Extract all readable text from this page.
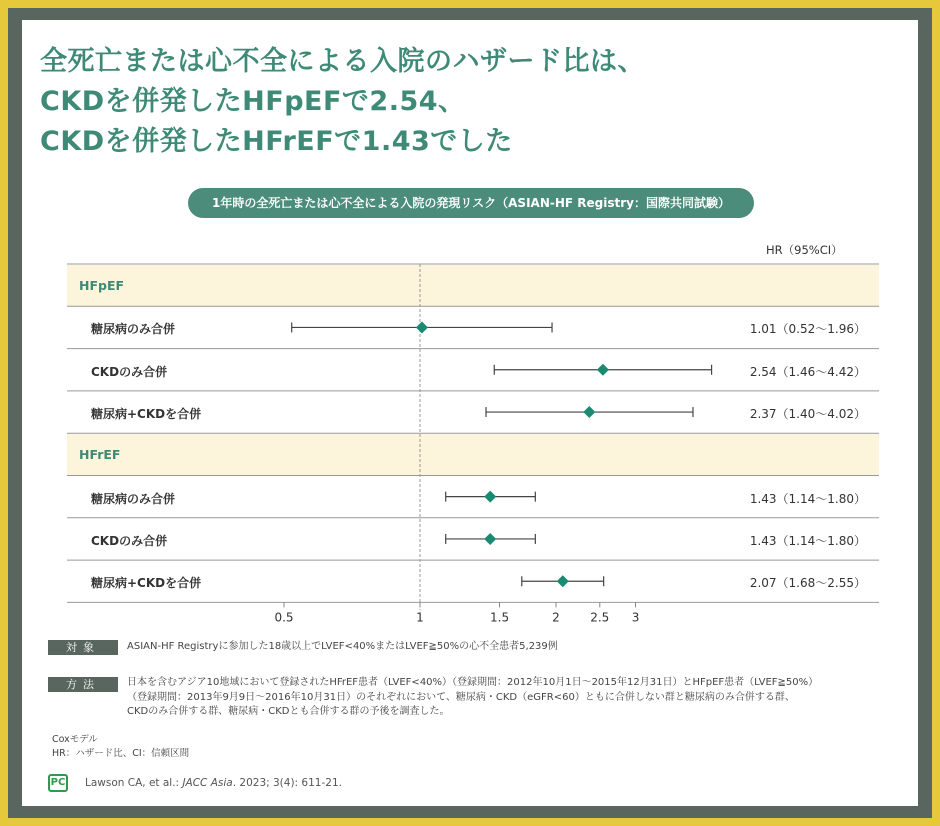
全死亡または心不全による入院のハザード比は、
CKDを併発したHFpEFで2.54、
CKDを併発したHFrEFで1.43でした
1年時の全死亡または心不全による入院の発現リスク（ASIAN-HF Registry：国際共同試験）
HR（95%CI）
HFpEF
糖尿病のみ合併	1.01（0.52～1.96）
CKDのみ合併	2.54（1.46～4.42）
糖尿病+CKDを合併	2.37（1.40～4.02）
HFrEF
糖尿病のみ合併	1.43（1.14～1.80）
CKDのみ合併	1.43（1.14～1.80）
糖尿病+CKDを合併	2.07（1.68～2.55）
0.5	1	1.5	2	2.5 3
対象	ASIAN-HF Registryに参加した18歳以上でLVEF<40%またはLVEF≧50%の心不全患者5,239例
方法	日本を含むアジア10地域において登録されたHFrEF患者（LVEF<40%）（登録期間：2012年10月1日～2015年12月31日）とHFpEF患者（LVEF≧50%）
（登録期間：2013年9月9日～2016年10月31日）のそれぞれにおいて、糖尿病・CKD（eGFR<60）ともに合併しない群と糖尿病のみ合併する群、
CKDのみ合併する群、糖尿病・CKDとも合併する群の予後を調査した。
Coxモデル
HR：ハザード比、CI：信頼区間
PC Lawson CA, et al.: JACC Asia. 2023; 3(4): 611-21.
